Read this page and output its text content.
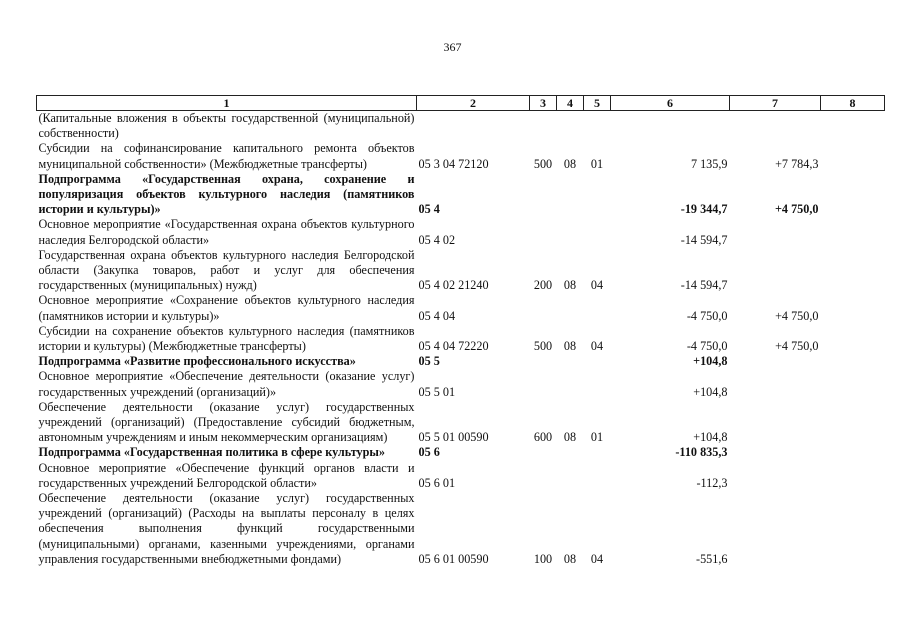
367
1	2	3	4	5	6	7	8
(Капитальные вложения в объекты государственной (муниципальной) собственности)							
Субсидии на софинансирование капитального ремонта объектов муниципальной собственности» (Межбюджетные трансферты)	05 3 04 72120	500	08	01	7 135,9	+7 784,3	
Подпрограмма «Государственная охрана, сохранение и популяризация объектов культурного наследия (памятников истории и культуры)»	05 4				-19 344,7	+4 750,0	
Основное мероприятие «Государственная охрана объектов культурного наследия Белгородской области»	05 4 02				-14 594,7		
Государственная охрана объектов культурного наследия Белгородской области (Закупка товаров, работ и услуг для обеспечения государственных (муниципальных) нужд)	05 4 02 21240	200	08	04	-14 594,7		
Основное мероприятие «Сохранение объектов культурного наследия (памятников истории и культуры)»	05 4 04				-4 750,0	+4 750,0	
Субсидии на сохранение объектов культурного наследия (памятников истории и культуры) (Межбюджетные трансферты)	05 4 04 72220	500	08	04	-4 750,0	+4 750,0	
Подпрограмма «Развитие профессионального искусства»	05 5				+104,8		
Основное мероприятие «Обеспечение деятельности (оказание услуг) государственных учреждений (организаций)»	05 5 01				+104,8		
Обеспечение деятельности (оказание услуг) государственных учреждений (организаций) (Предоставление субсидий бюджетным, автономным учреждениям и иным некоммерческим организациям)	05 5 01 00590	600	08	01	+104,8		
Подпрограмма «Государственная политика в сфере культуры»	05 6				-110 835,3		
Основное мероприятие «Обеспечение функций органов власти и государственных учреждений Белгородской области»	05 6 01				-112,3		
Обеспечение деятельности (оказание услуг) государственных учреждений (организаций) (Расходы на выплаты персоналу в целях обеспечения выполнения функций государственными (муниципальными) органами, казенными учреждениями, органами управления государственными внебюджетными фондами)	05 6 01 00590	100	08	04	-551,6		
